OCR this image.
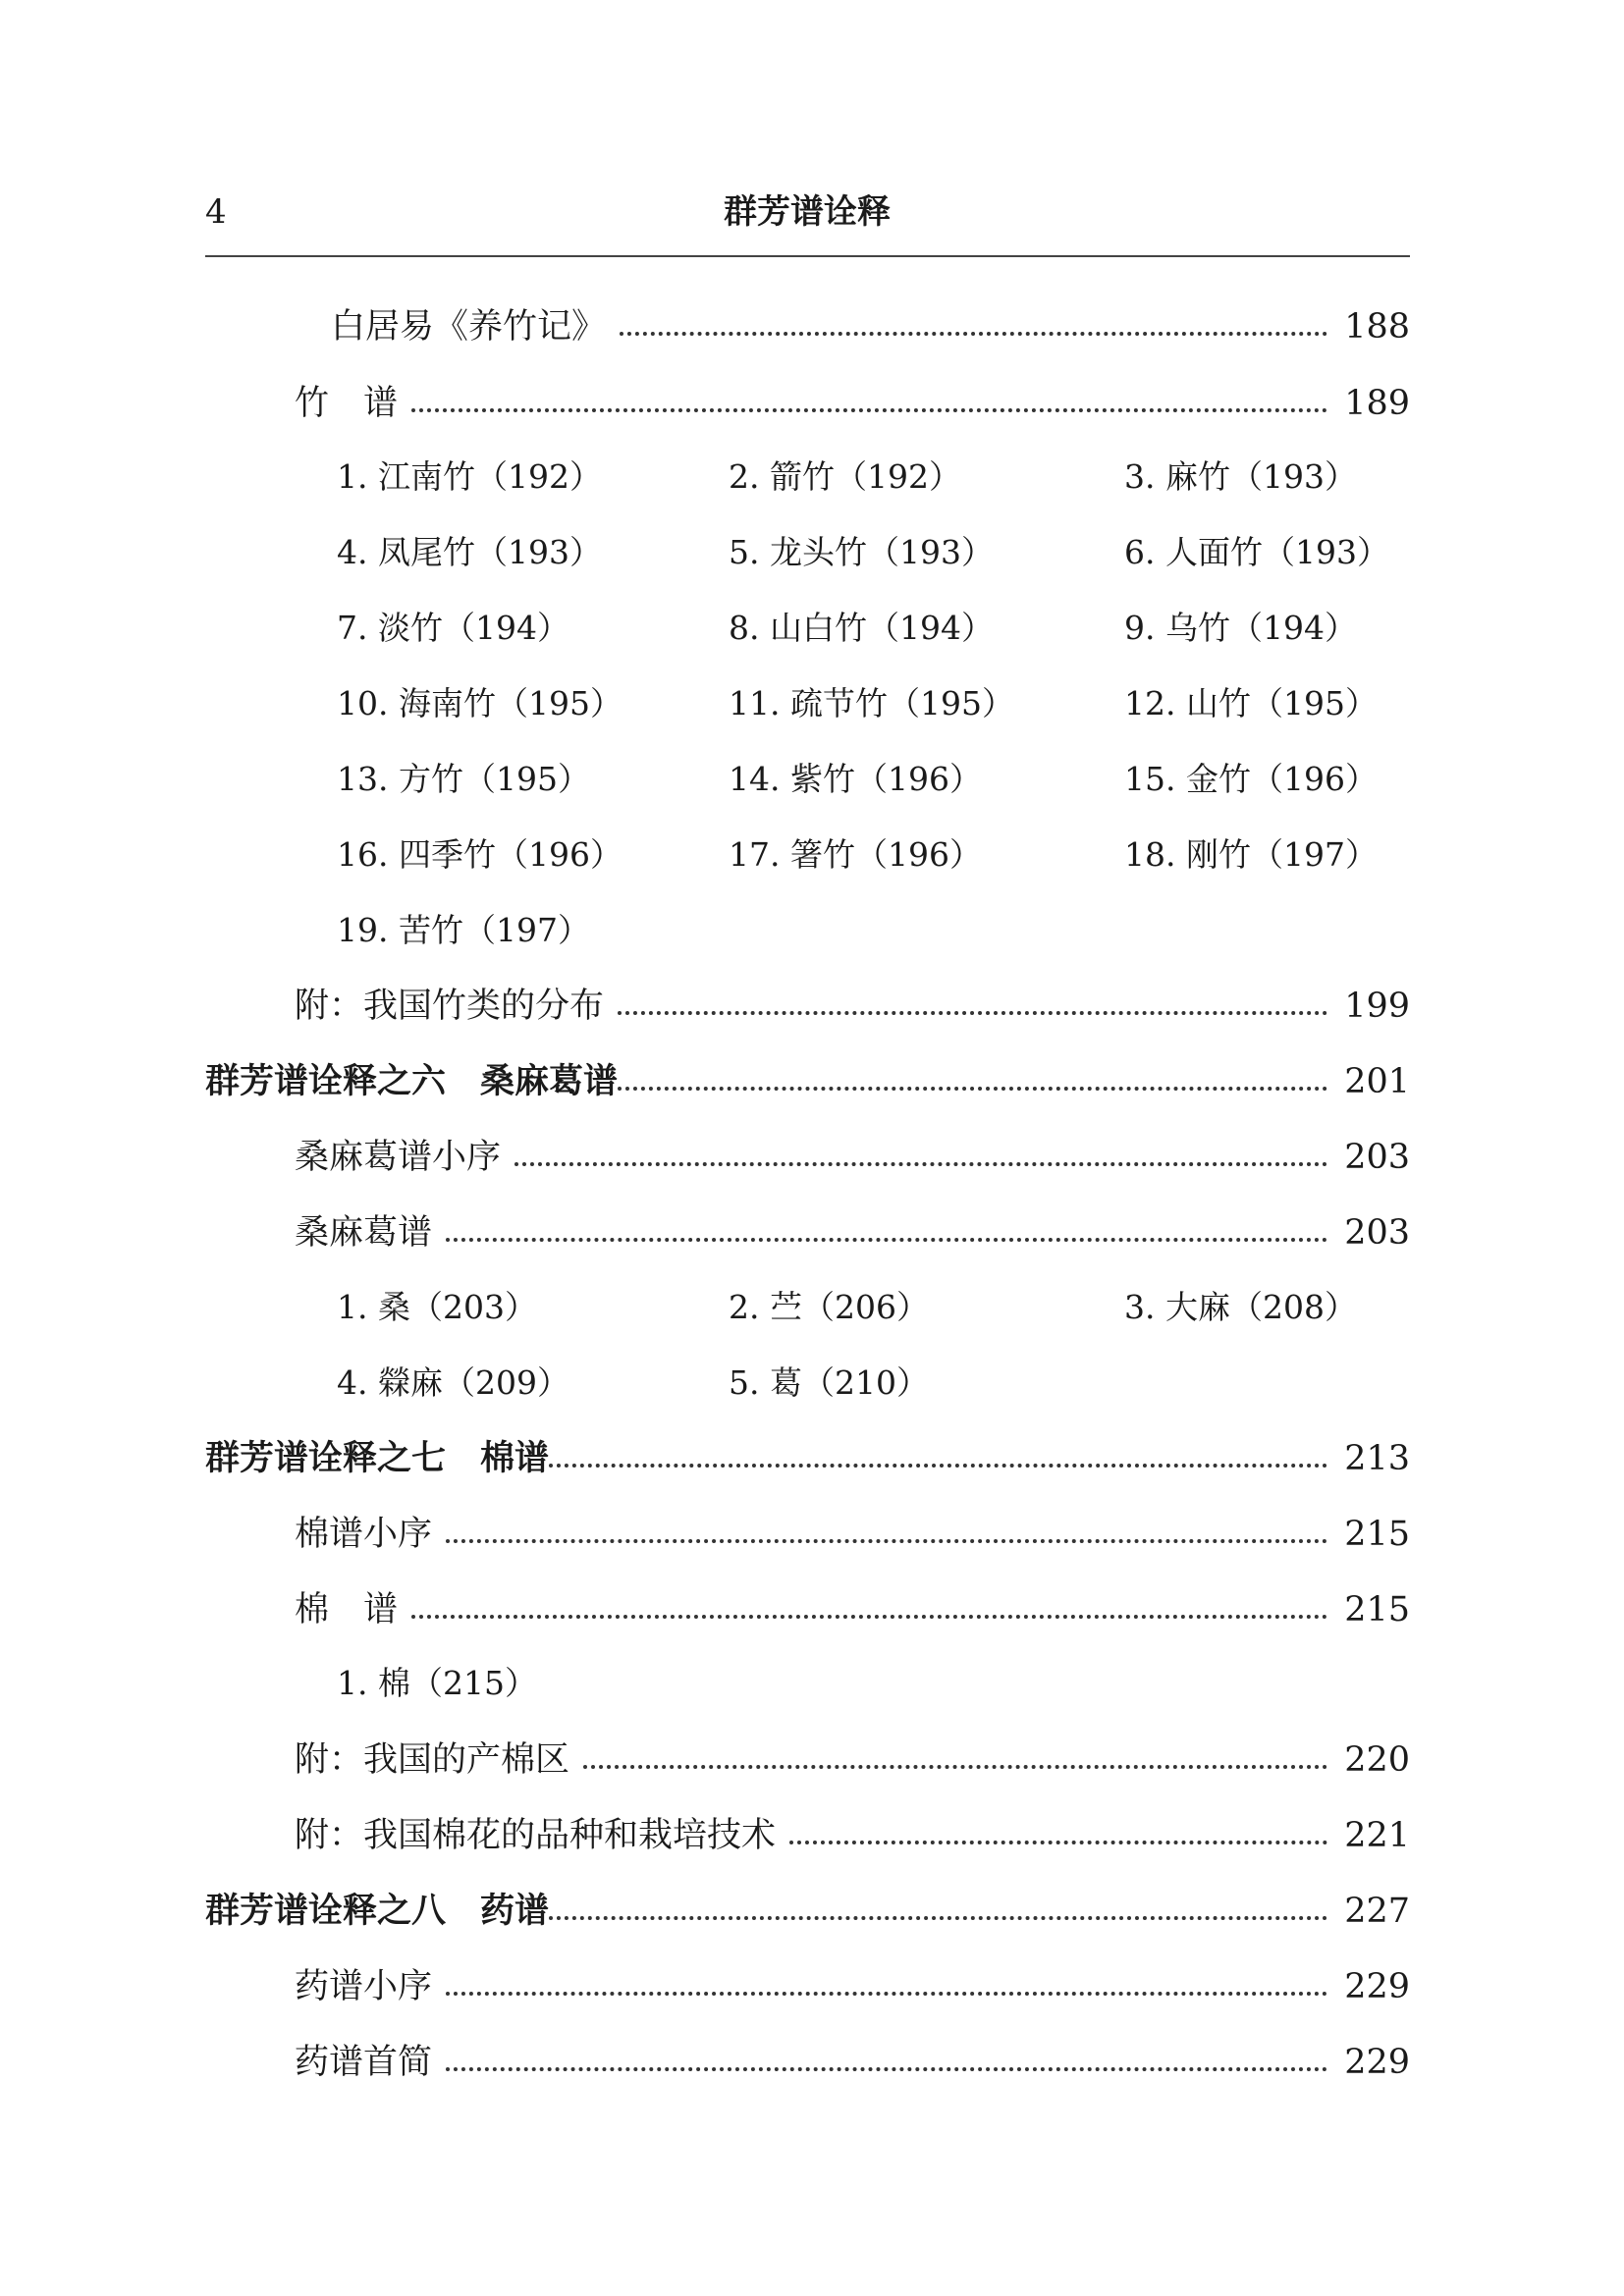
4	群芳谱诠释
白居易《养竹记》	188
竹　谱	189
1. 江南竹（192）	2. 箭竹（192）	3. 麻竹（193）
4. 凤尾竹（193）	5. 龙头竹（193）	6. 人面竹（193）
7. 淡竹（194）	8. 山白竹（194）	9. 乌竹（194）
10. 海南竹（195）	11. 疏节竹（195）	12. 山竹（195）
13. 方竹（195）	14. 紫竹（196）	15. 金竹（196）
16. 四季竹（196）	17. 箸竹（196）	18. 刚竹（197）
19. 苦竹（197）
附：我国竹类的分布	199
群芳谱诠释之六　桑麻葛谱	201
桑麻葛谱小序	203
桑麻葛谱	203
1. 桑（203）	2. 苎（206）	3. 大麻（208）
4. 檾麻（209）	5. 葛（210）
群芳谱诠释之七　棉谱	213
棉谱小序	215
棉　谱	215
1. 棉（215）
附：我国的产棉区	220
附：我国棉花的品种和栽培技术	221
群芳谱诠释之八　药谱	227
药谱小序	229
药谱首简	229
